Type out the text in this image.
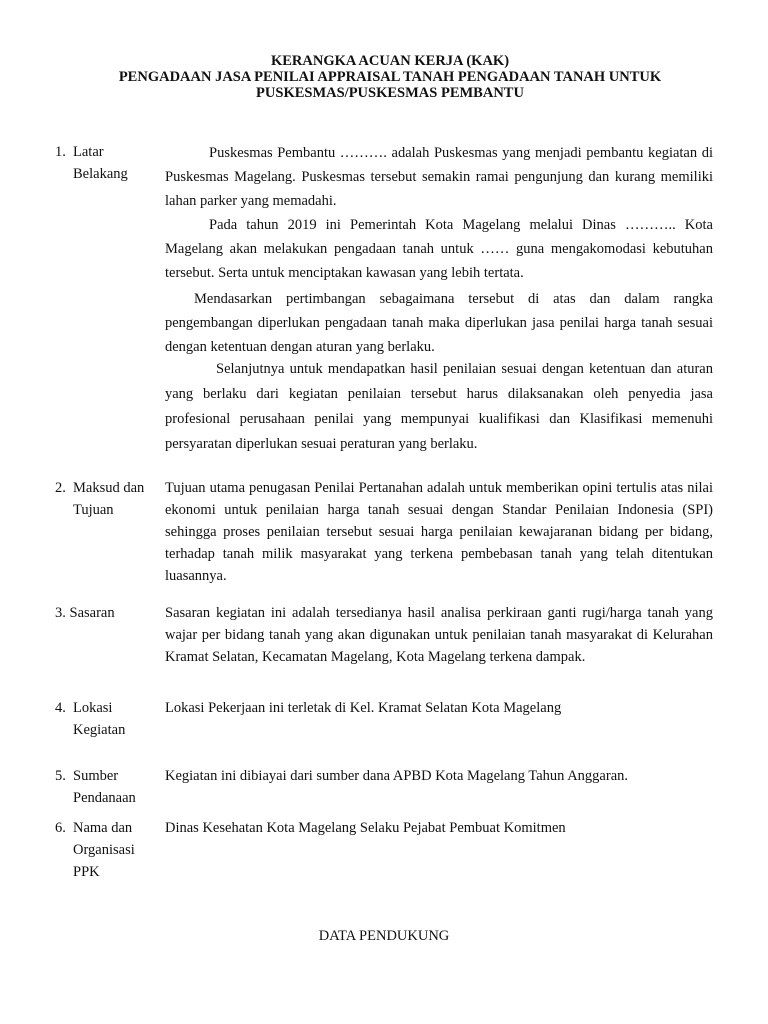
KERANGKA ACUAN KERJA (KAK)
PENGADAAN JASA PENILAI APPRAISAL TANAH PENGADAAN TANAH UNTUK
PUSKESMAS/PUSKESMAS PEMBANTU
1. Latar
Belakang

Puskesmas Pembantu ………. adalah Puskesmas yang menjadi pembantu kegiatan di Puskesmas Magelang. Puskesmas tersebut semakin ramai pengunjung dan kurang memiliki lahan parker yang memadahi.

Pada tahun 2019 ini Pemerintah Kota Magelang melalui Dinas ……….. Kota Magelang akan melakukan pengadaan tanah untuk …… guna mengakomodasi kebutuhan tersebut. Serta untuk menciptakan kawasan yang lebih tertata.

Mendasarkan pertimbangan sebagaimana tersebut di atas dan dalam rangka pengembangan diperlukan pengadaan tanah maka diperlukan jasa penilai harga tanah sesuai dengan ketentuan dengan aturan yang berlaku.

Selanjutnya untuk mendapatkan hasil penilaian sesuai dengan ketentuan dan aturan yang berlaku dari kegiatan penilaian tersebut harus dilaksanakan oleh penyedia jasa profesional perusahaan penilai yang mempunyai kualifikasi dan Klasifikasi memenuhi persyaratan diperlukan sesuai peraturan yang berlaku.

2. Maksud dan
Tujuan

Tujuan utama penugasan Penilai Pertanahan adalah untuk memberikan opini tertulis atas nilai ekonomi untuk penilaian harga tanah sesuai dengan Standar Penilaian Indonesia (SPI) sehingga proses penilaian tersebut sesuai harga penilaian kewajaranan bidang per bidang, terhadap tanah milik masyarakat yang terkena pembebasan tanah yang telah ditentukan luasannya.

3. Sasaran	Sasaran kegiatan ini adalah tersedianya hasil analisa perkiraan ganti rugi/harga tanah yang wajar per bidang tanah yang akan digunakan untuk penilaian tanah masyarakat di Kelurahan Kramat Selatan, Kecamatan Magelang, Kota Magelang terkena dampak.

4. Lokasi
Kegiatan

Lokasi Pekerjaan ini terletak di Kel. Kramat Selatan Kota Magelang

5. Sumber
Pendanaan

Kegiatan ini dibiayai dari sumber dana APBD Kota Magelang Tahun Anggaran.

6. Nama dan
Organisasi
PPK

Dinas Kesehatan Kota Magelang Selaku Pejabat Pembuat Komitmen

DATA PENDUKUNG
